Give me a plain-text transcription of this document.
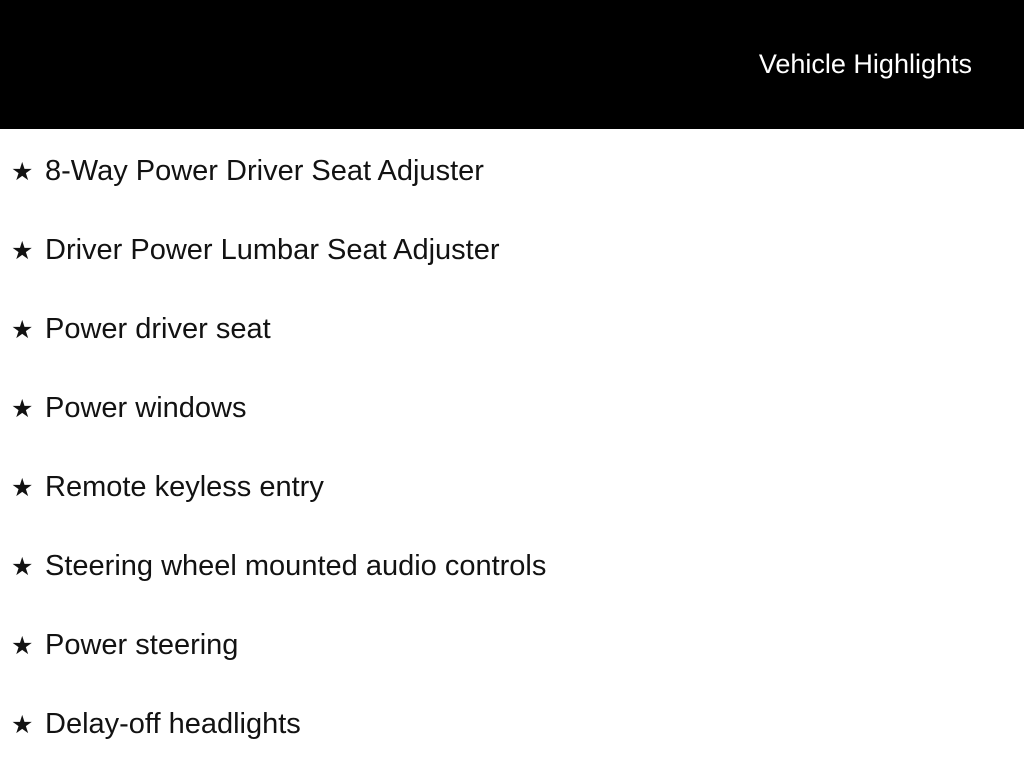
Vehicle Highlights
★ 8-Way Power Driver Seat Adjuster
★ Driver Power Lumbar Seat Adjuster
★ Power driver seat
★ Power windows
★ Remote keyless entry
★ Steering wheel mounted audio controls
★ Power steering
★ Delay-off headlights
